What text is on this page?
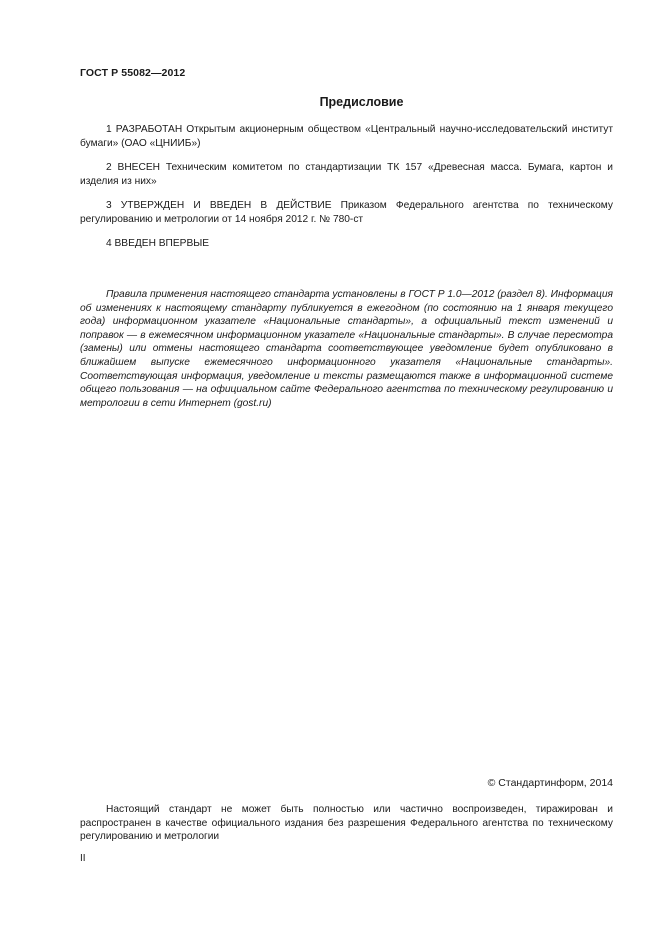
ГОСТ Р 55082—2012
Предисловие

1 РАЗРАБОТАН Открытым акционерным обществом «Центральный научно-исследовательский институт бумаги» (ОАО «ЦНИИБ»)

2 ВНЕСЕН Техническим комитетом по стандартизации ТК 157 «Древесная масса. Бумага, картон и изделия из них»

3 УТВЕРЖДЕН И ВВЕДЕН В ДЕЙСТВИЕ Приказом Федерального агентства по техническому регулированию и метрологии от 14 ноября 2012 г. № 780-ст

4 ВВЕДЕН ВПЕРВЫЕ

Правила применения настоящего стандарта установлены в ГОСТ Р 1.0—2012 (раздел 8). Информация об изменениях к настоящему стандарту публикуется в ежегодном (по состоянию на 1 января текущего года) информационном указателе «Национальные стандарты», а официальный текст изменений и поправок — в ежемесячном информационном указателе «Национальные стандарты». В случае пересмотра (замены) или отмены настоящего стандарта соответствующее уведомление будет опубликовано в ближайшем выпуске ежемесячного информационного указателя «Национальные стандарты». Соответствующая информация, уведомление и тексты размещаются также в информационной системе общего пользования — на официальном сайте Федерального агентства по техническому регулированию и метрологии в сети Интернет (gost.ru)

© Стандартинформ, 2014

Настоящий стандарт не может быть полностью или частично воспроизведен, тиражирован и распространен в качестве официального издания без разрешения Федерального агентства по техническому регулированию и метрологии

II
